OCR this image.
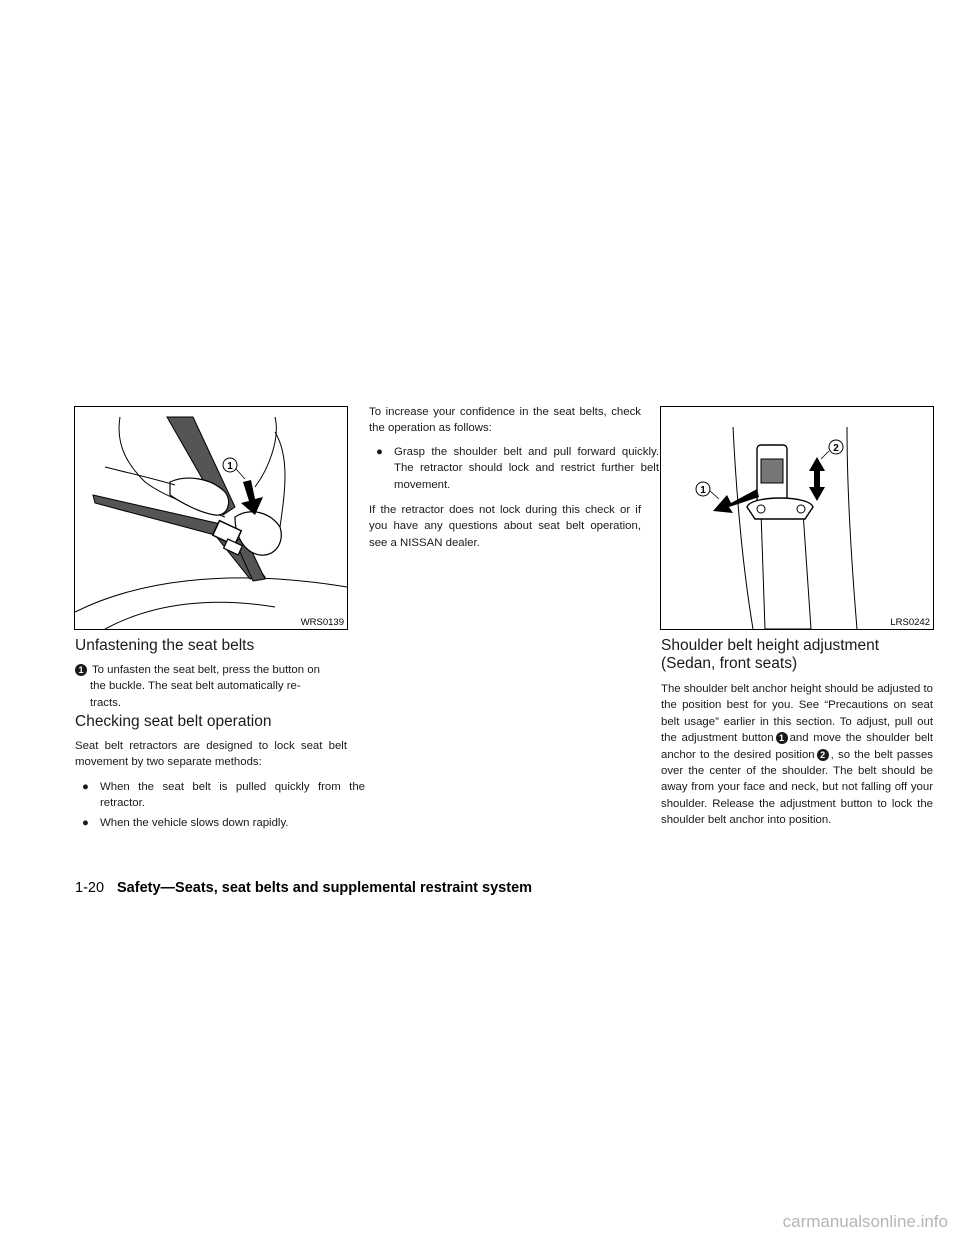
1
WRS0139
1
2
LRS0242
Unfastening the seat belts
1 To unfasten the seat belt, press the button on
the buckle. The seat belt automatically re-
tracts.
Checking seat belt operation

Seat belt retractors are designed to lock seat belt movement by two separate methods:

● When the seat belt is pulled quickly from the retractor.

● When the vehicle slows down rapidly.

To increase your confidence in the seat belts, check the operation as follows:

● Grasp the shoulder belt and pull forward quickly. The retractor should lock and restrict further belt movement.

If the retractor does not lock during this check or if you have any questions about seat belt operation, see a NISSAN dealer.

Shoulder belt height adjustment
(Sedan, front seats)

The shoulder belt anchor height should be adjusted to the position best for you. See “Precautions on seat belt usage” earlier in this section. To adjust, pull out the adjustment button 1 and move the shoulder belt anchor to the desired position 2 , so the belt passes over the center of the shoulder. The belt should be away from your face and neck, but not falling off your shoulder. Release the adjustment button to lock the shoulder belt anchor into position.

1-20 Safety—Seats, seat belts and supplemental restraint system
carmanualsonline.info
